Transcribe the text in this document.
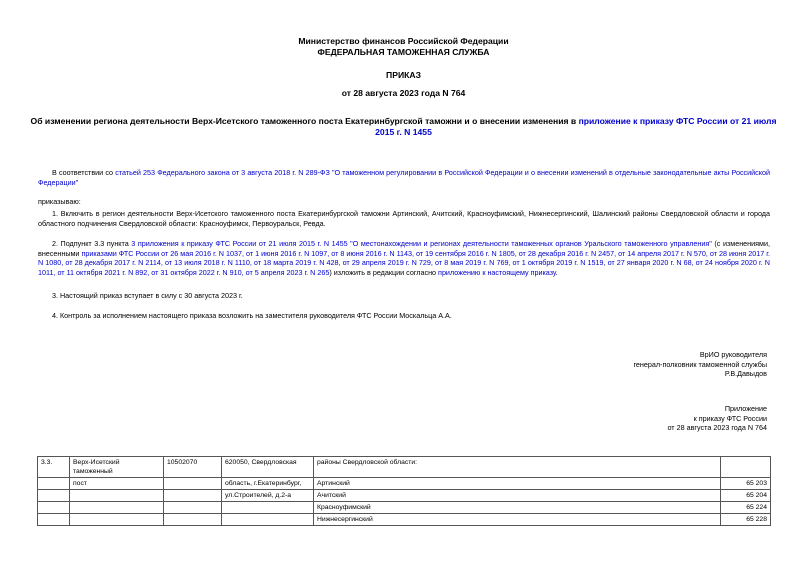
Министерство финансов Российской Федерации
ФЕДЕРАЛЬНАЯ ТАМОЖЕННАЯ СЛУЖБА
ПРИКАЗ
от 28 августа 2023 года N 764
Об изменении региона деятельности Верх-Исетского таможенного поста Екатеринбургской таможни и о внесении изменения в приложение к приказу ФТС России от 21 июля 2015 г. N 1455
В соответствии со статьей 253 Федерального закона от 3 августа 2018 г. N 289-ФЗ "О таможенном регулировании в Российской Федерации и о внесении изменений в отдельные законодательные акты Российской Федерации"
приказываю:
1. Включить в регион деятельности Верх-Исетского таможенного поста Екатеринбургской таможни Артинский, Ачитский, Красноуфимский, Нижнесергинский, Шалинский районы Свердловской области и города областного подчинения Свердловской области: Красноуфимск, Первоуральск, Ревда.
2. Подпункт 3.3 пункта 3 приложения к приказу ФТС России от 21 июля 2015 г. N 1455 "О местонахождении и регионах деятельности таможенных органов Уральского таможенного управления" (с изменениями, внесенными приказами ФТС России от 26 мая 2016 г. N 1037, от 1 июня 2016 г. N 1097, от 8 июня 2016 г. N 1143, от 19 сентября 2016 г. N 1805, от 28 декабря 2016 г. N 2457, от 14 апреля 2017 г. N 570, от 28 июня 2017 г. N 1080, от 28 декабря 2017 г. N 2114, от 13 июля 2018 г. N 1110, от 18 марта 2019 г. N 428, от 29 апреля 2019 г. N 729, от 8 мая 2019 г. N 769, от 1 октября 2019 г. N 1519, от 27 января 2020 г. N 68, от 24 ноября 2020 г. N 1011, от 11 октября 2021 г. N 892, от 31 октября 2022 г. N 910, от 5 апреля 2023 г. N 265) изложить в редакции согласно приложению к настоящему приказу.
3. Настоящий приказ вступает в силу с 30 августа 2023 г.
4. Контроль за исполнением настоящего приказа возложить на заместителя руководителя ФТС России Москальца А.А.
ВрИО руководителя
генерал-полковник таможенной службы
Р.В.Давыдов
Приложение
к приказу ФТС России
от 28 августа 2023 года N 764
3.3.	Верх-Исетский таможенный	10502070	620050, Свердловская	районы Свердловской области:	
	пост		область, г.Екатеринбург,	Артинский	65 203
			ул.Строителей, д.2-а	Ачитский	65 204
				Красноуфимский	65 224
				Нижнесергинский	65 228
